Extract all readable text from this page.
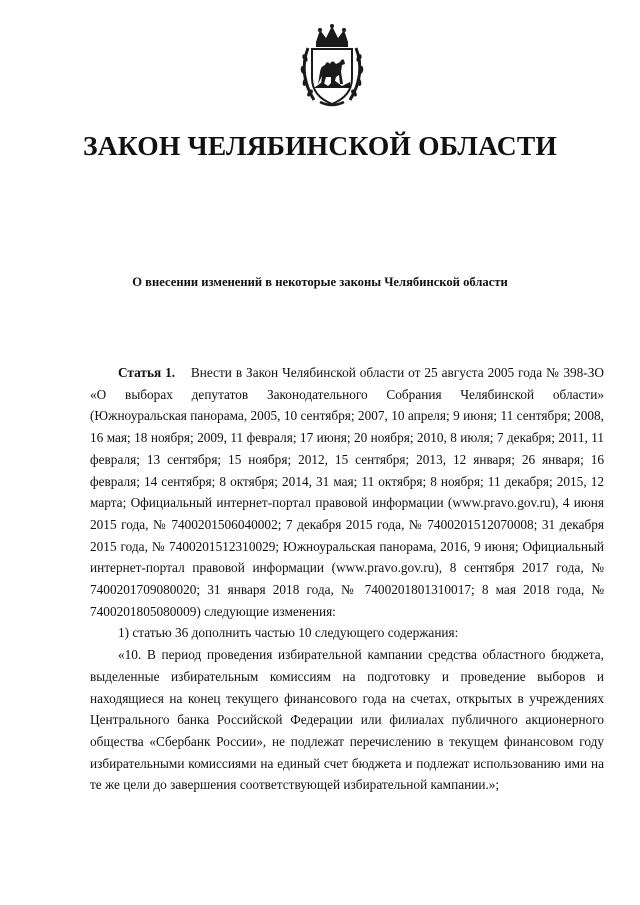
ЗАКОН ЧЕЛЯБИНСКОЙ ОБЛАСТИ
О внесении изменений в некоторые законы Челябинской области

Статья 1. Внести в Закон Челябинской области от 25 августа 2005 года № 398-ЗО «О выборах депутатов Законодательного Собрания Челябинской области» (Южноуральская панорама, 2005, 10 сентября; 2007, 10 апреля; 9 июня; 11 сентября; 2008, 16 мая; 18 ноября; 2009, 11 февраля; 17 июня; 20 ноября; 2010, 8 июля; 7 декабря; 2011, 11 февраля; 13 сентября; 15 ноября; 2012, 15 сентября; 2013, 12 января; 26 января; 16 февраля; 14 сентября; 8 октября; 2014, 31 мая; 11 октября; 8 ноября; 11 декабря; 2015, 12 марта; Официальный интернет-портал правовой информации (www.pravo.gov.ru), 4 июня 2015 года, № 7400201506040002; 7 декабря 2015 года, № 7400201512070008; 31 декабря 2015 года, № 7400201512310029; Южноуральская панорама, 2016, 9 июня; Официальный интернет-портал правовой информации (www.pravo.gov.ru), 8 сентября 2017 года, № 7400201709080020; 31 января 2018 года, № 7400201801310017; 8 мая 2018 года, № 7400201805080009) следующие изменения:

1) статью 36 дополнить частью 10 следующего содержания:

«10. В период проведения избирательной кампании средства областного бюджета, выделенные избирательным комиссиям на подготовку и проведение выборов и находящиеся на конец текущего финансового года на счетах, открытых в учреждениях Центрального банка Российской Федерации или филиалах публичного акционерного общества «Сбербанк России», не подлежат перечислению в текущем финансовом году избирательными комиссиями на единый счет бюджета и подлежат использованию ими на те же цели до завершения соответствующей избирательной кампании.»;
